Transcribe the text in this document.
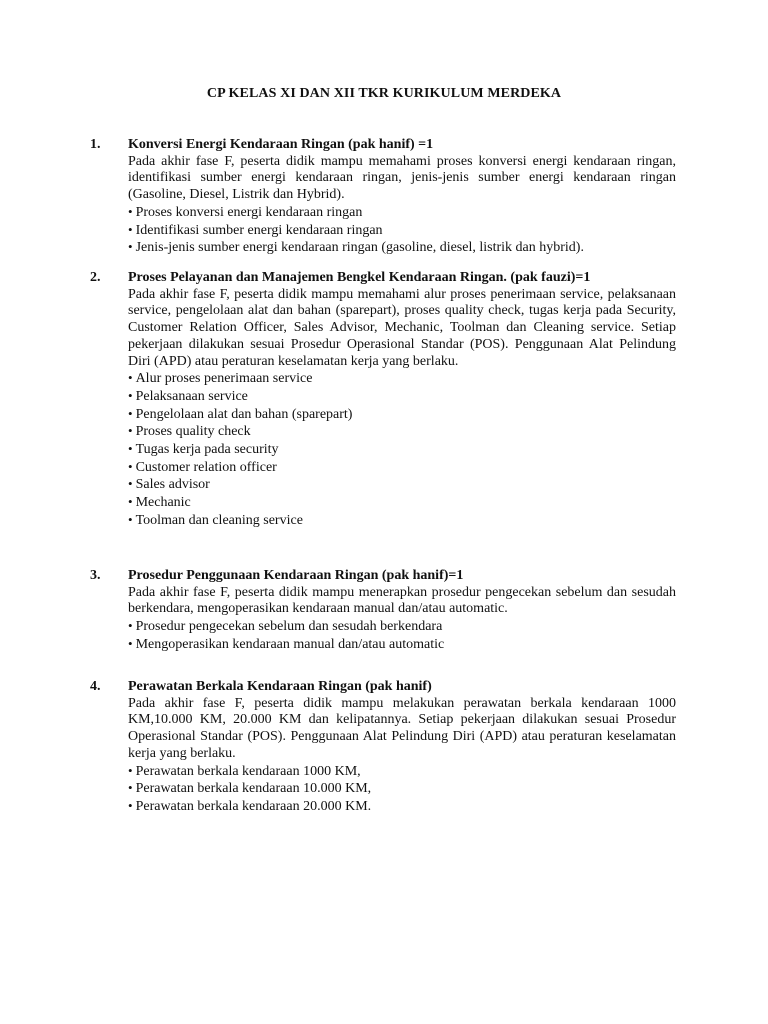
CP KELAS XI DAN XII TKR KURIKULUM MERDEKA
1. Konversi Energi Kendaraan Ringan (pak hanif) =1

Pada akhir fase F, peserta didik mampu memahami proses konversi energi kendaraan ringan, identifikasi sumber energi kendaraan ringan, jenis-jenis sumber energi kendaraan ringan (Gasoline, Diesel, Listrik dan Hybrid).

• Proses konversi energi kendaraan ringan
• Identifikasi sumber energi kendaraan ringan
• Jenis-jenis sumber energi kendaraan ringan (gasoline, diesel, listrik dan hybrid).
2. Proses Pelayanan dan Manajemen Bengkel Kendaraan Ringan. (pak fauzi)=1

Pada akhir fase F, peserta didik mampu memahami alur proses penerimaan service, pelaksanaan service, pengelolaan alat dan bahan (sparepart), proses quality check, tugas kerja pada Security, Customer Relation Officer, Sales Advisor, Mechanic, Toolman dan Cleaning service. Setiap pekerjaan dilakukan sesuai Prosedur Operasional Standar (POS). Penggunaan Alat Pelindung Diri (APD) atau peraturan keselamatan kerja yang berlaku.

• Alur proses penerimaan service
• Pelaksanaan service
• Pengelolaan alat dan bahan (sparepart)
• Proses quality check
• Tugas kerja pada security
• Customer relation officer
• Sales advisor
• Mechanic
• Toolman dan cleaning service
3. Prosedur Penggunaan Kendaraan Ringan (pak hanif)=1

Pada akhir fase F, peserta didik mampu menerapkan prosedur pengecekan sebelum dan sesudah berkendara, mengoperasikan kendaraan manual dan/atau automatic.

• Prosedur pengecekan sebelum dan sesudah berkendara
• Mengoperasikan kendaraan manual dan/atau automatic
4. Perawatan Berkala Kendaraan Ringan (pak hanif)

Pada akhir fase F, peserta didik mampu melakukan perawatan berkala kendaraan 1000 KM,10.000 KM, 20.000 KM dan kelipatannya. Setiap pekerjaan dilakukan sesuai Prosedur Operasional Standar (POS). Penggunaan Alat Pelindung Diri (APD) atau peraturan keselamatan kerja yang berlaku.

• Perawatan berkala kendaraan 1000 KM,
• Perawatan berkala kendaraan 10.000 KM,
• Perawatan berkala kendaraan 20.000 KM.
